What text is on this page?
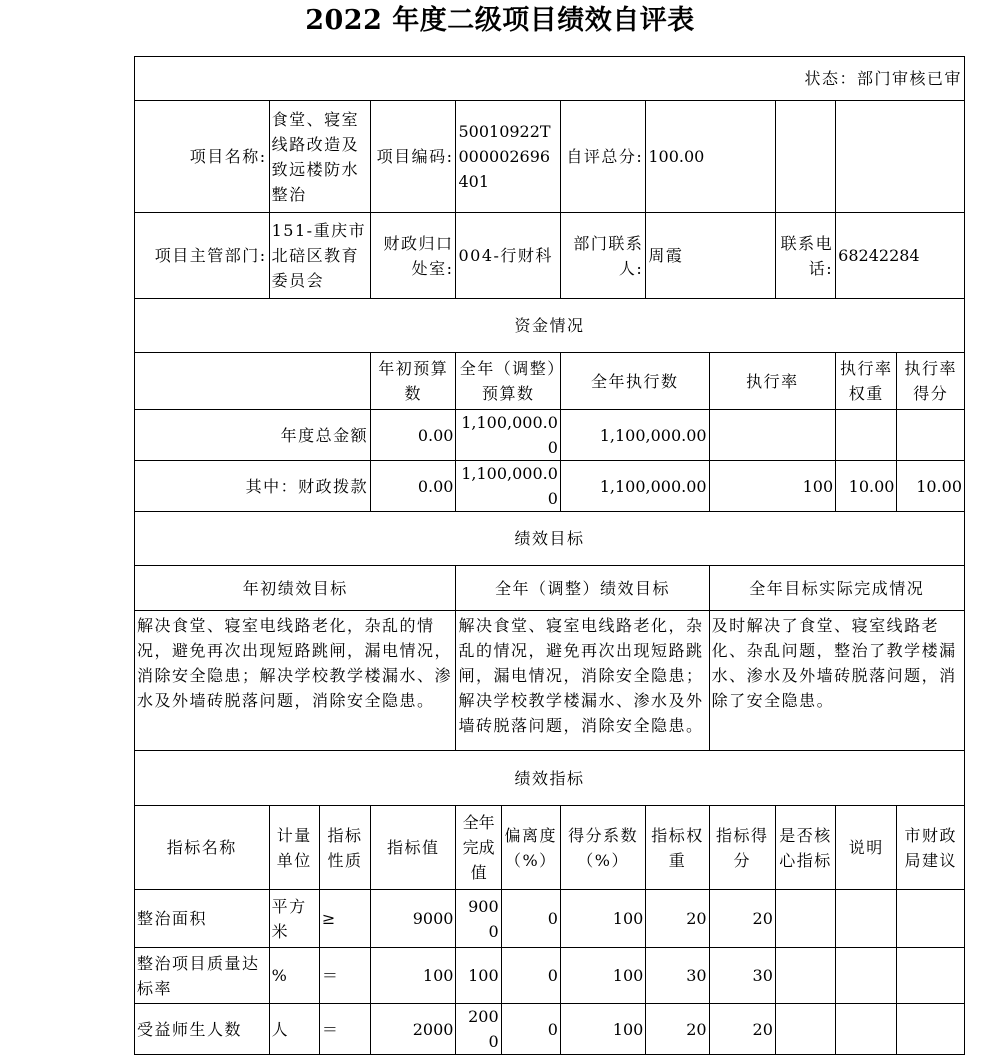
2022 年度二级项目绩效自评表
状态：部门审核已审											
项目名称:	食堂、寝室线路改造及致远楼防水整治		项目编码:	50010922T000002696401		自评总分:	100.00				
项目主管部门:	151-重庆市北碚区教育委员会		财政归口处室:	004-行财科		部门联系人:	周霞		联系电话:	68242284	
资金情况											
			年初预算数	全年（调整）预算数		全年执行数		执行率		执行率权重	执行率得分
年度总金额			0.00	1,100,000.00		1,100,000.00					
其中：财政拨款			0.00	1,100,000.00		1,100,000.00		100		10.00	10.00
绩效目标											
年初绩效目标				全年（调整）绩效目标				全年目标实际完成情况			
解决食堂、寝室电线路老化，杂乱的情况，避免再次出现短路跳闸，漏电情况，消除安全隐患；解决学校教学楼漏水、渗水及外墙砖脱落问题，消除安全隐患。				解决食堂、寝室电线路老化，杂乱的情况，避免再次出现短路跳闸，漏电情况，消除安全隐患；解决学校教学楼漏水、渗水及外墙砖脱落问题，消除安全隐患。				及时解决了食堂、寝室线路老化、杂乱问题，整治了教学楼漏水、渗水及外墙砖脱落问题，消除了安全隐患。			
绩效指标											
指标名称	计量单位	指标性质	指标值	全年完成值	偏离度（%）	得分系数（%）	指标权重	指标得分	是否核心指标	说明	市财政局建议
整治面积	平方米	≥	9000	9000	0	100	20	20			
整治项目质量达标率	%	＝	100	100	0	100	30	30			
受益师生人数	人	＝	2000	2000	0	100	20	20			
